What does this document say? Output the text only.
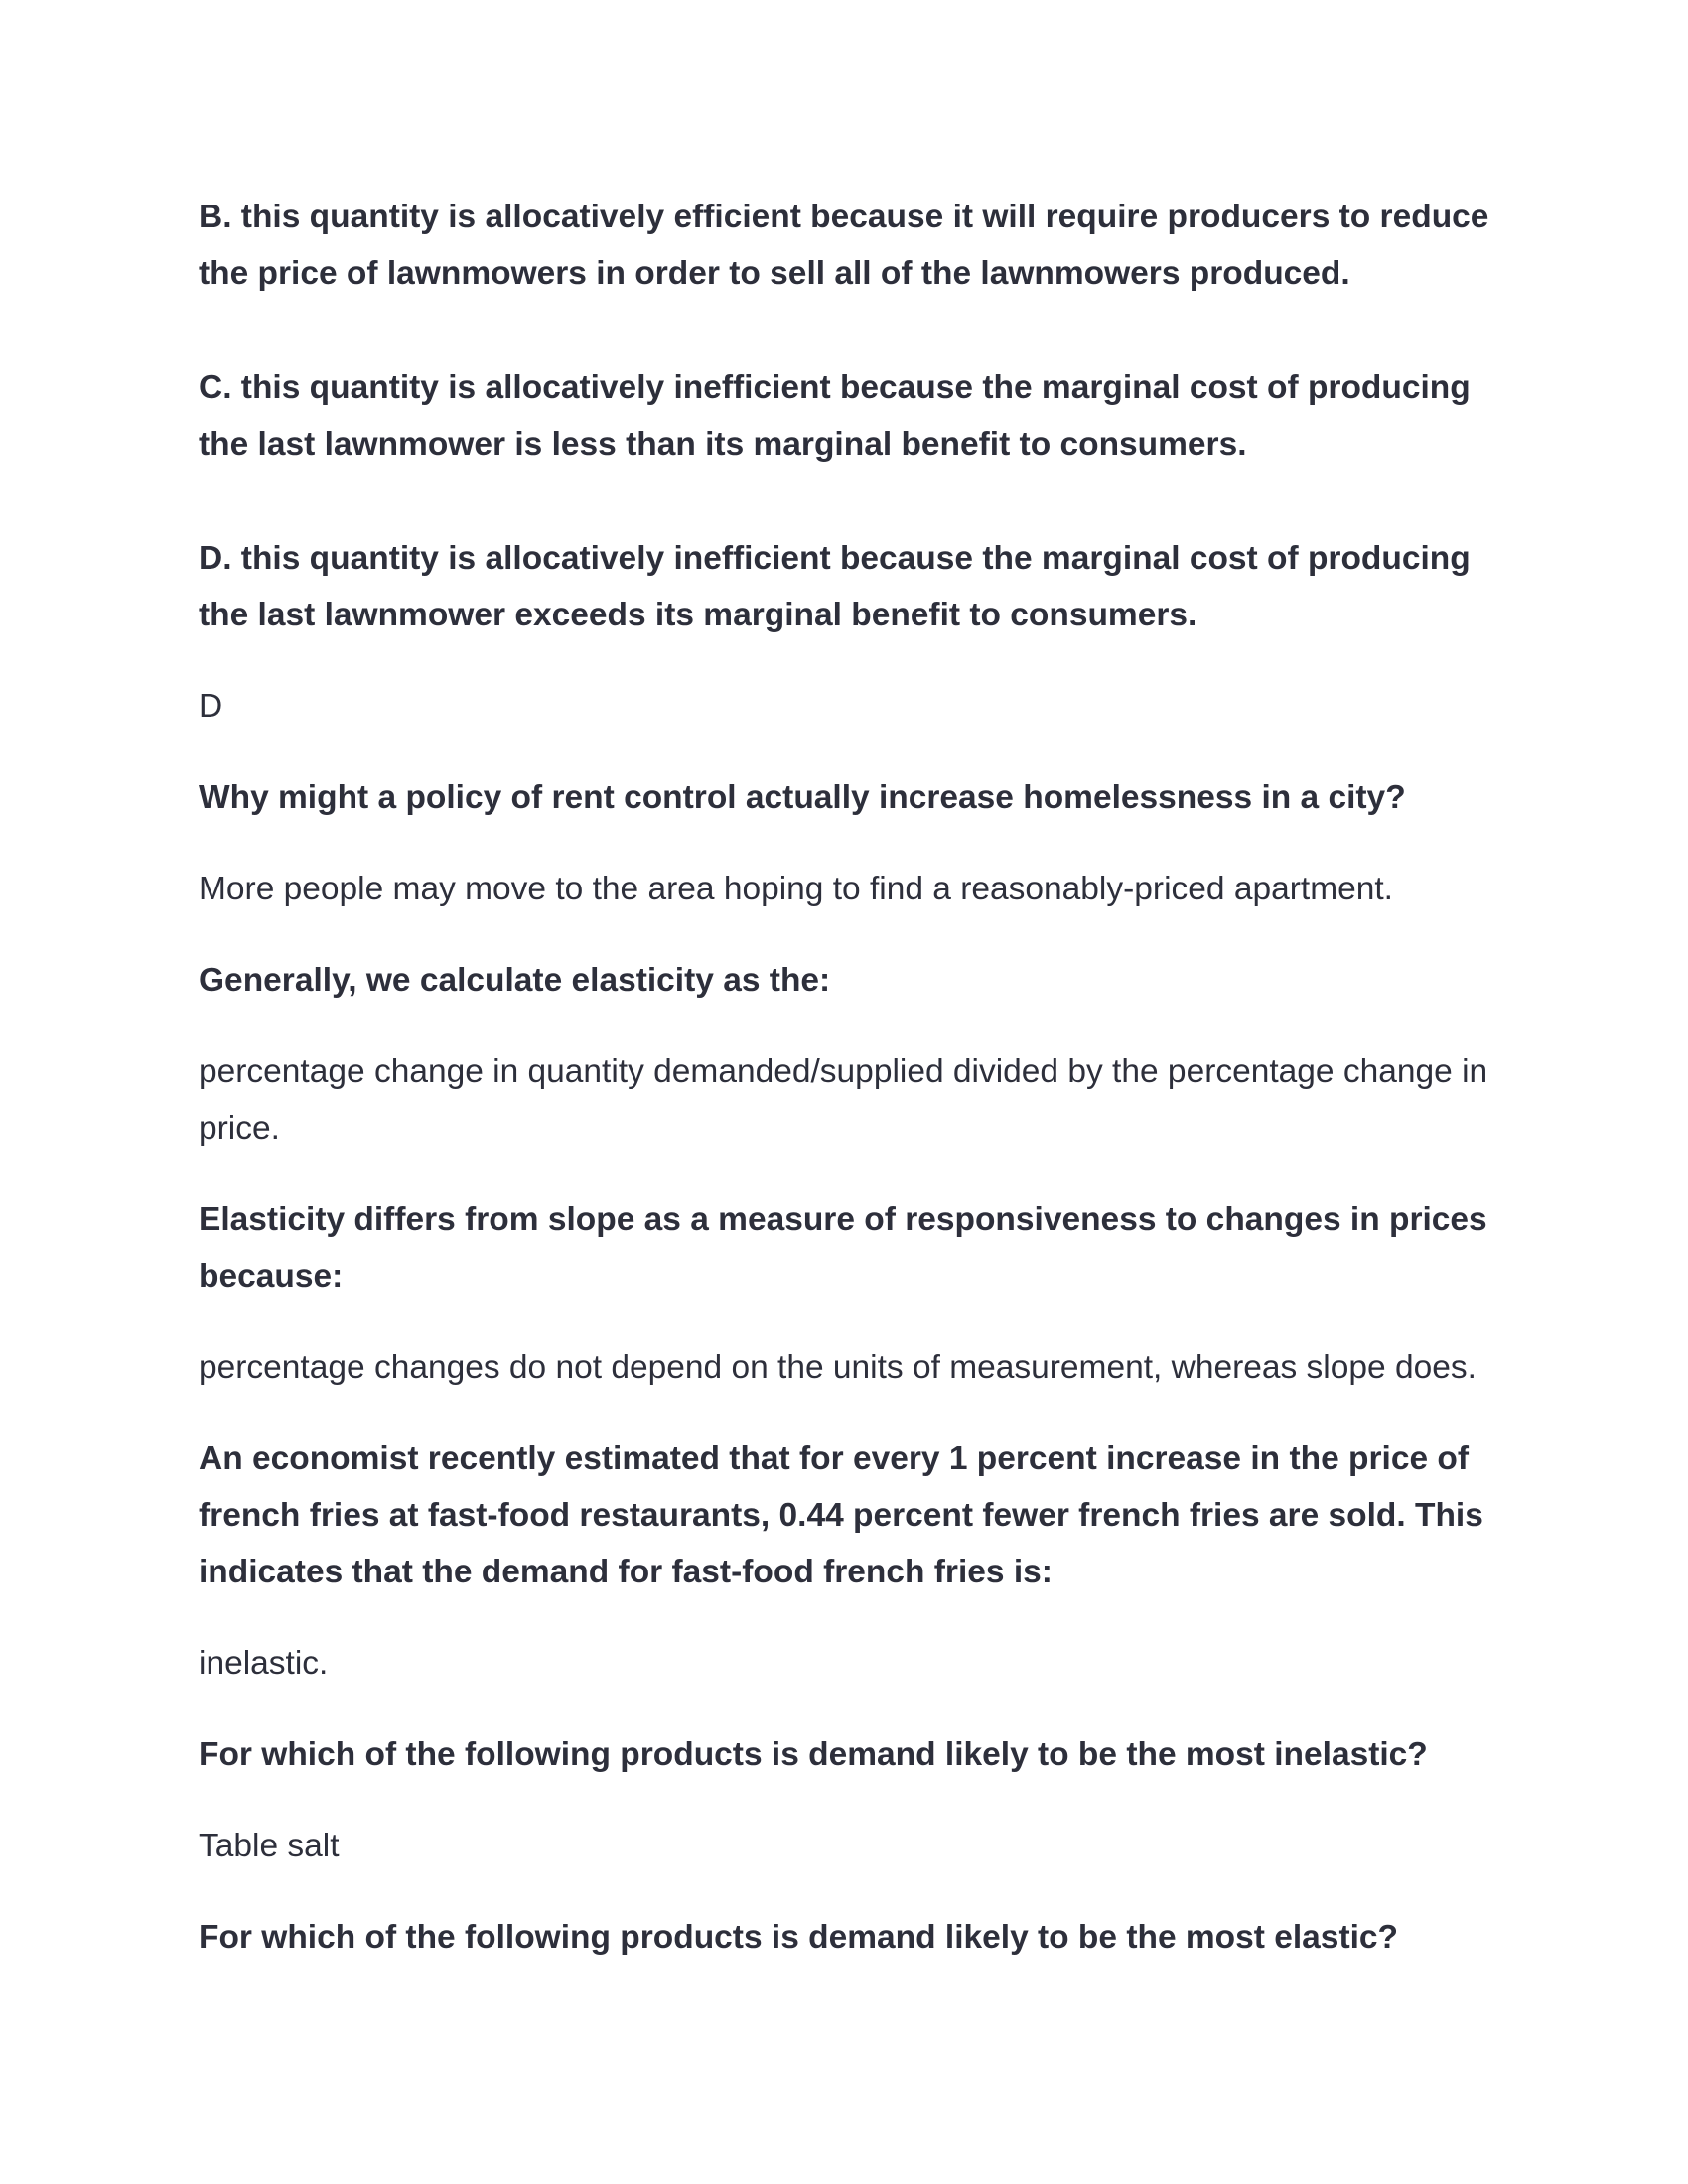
B. this quantity is allocatively efficient because it will require producers to reduce the price of lawnmowers in order to sell all of the lawnmowers produced.

C. this quantity is allocatively inefficient because the marginal cost of producing the last lawnmower is less than its marginal benefit to consumers.

D. this quantity is allocatively inefficient because the marginal cost of producing the last lawnmower exceeds its marginal benefit to consumers.

D

Why might a policy of rent control actually increase homelessness in a city?

More people may move to the area hoping to find a reasonably-priced apartment.

Generally, we calculate elasticity as the:

percentage change in quantity demanded/supplied divided by the percentage change in price.

Elasticity differs from slope as a measure of responsiveness to changes in prices because:

percentage changes do not depend on the units of measurement, whereas slope does.

An economist recently estimated that for every 1 percent increase in the price of french fries at fast-food restaurants, 0.44 percent fewer french fries are sold. This indicates that the demand for fast-food french fries is:

inelastic.

For which of the following products is demand likely to be the most inelastic?

Table salt

For which of the following products is demand likely to be the most elastic?
